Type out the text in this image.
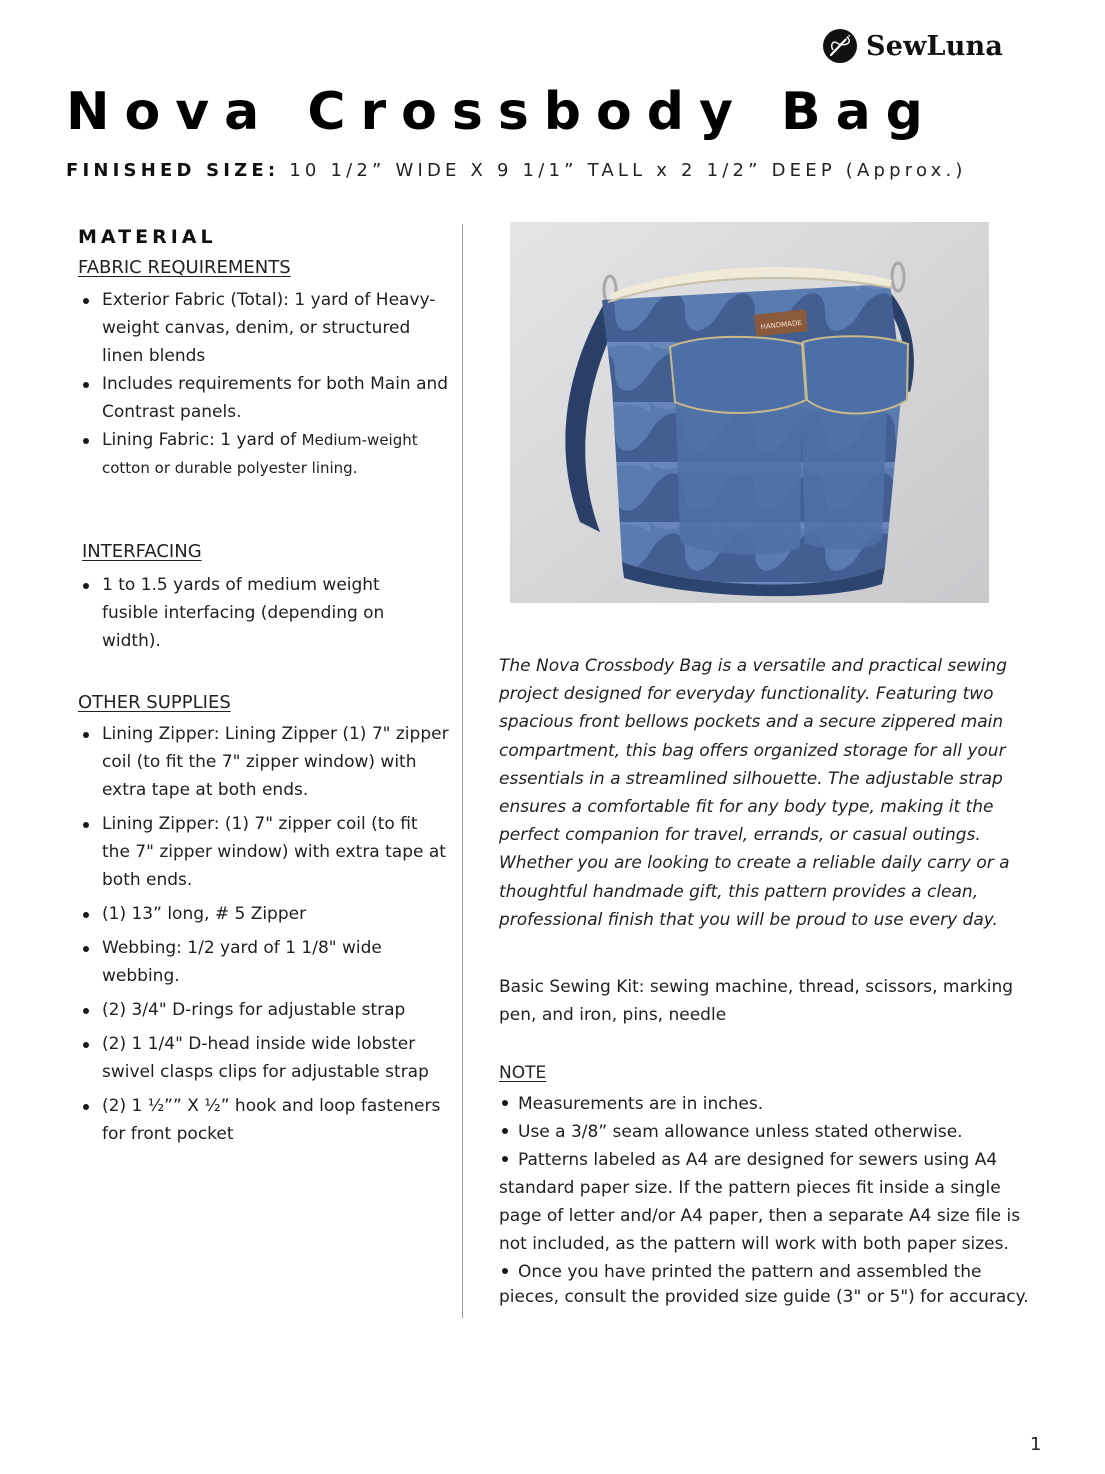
SewLuna
Nova Crossbody Bag
FINISHED SIZE: 10 1/2” WIDE X 9 1/1” TALL x 2 1/2” DEEP (Approx.)
MATERIAL
FABRIC REQUIREMENTS
Exterior Fabric (Total): 1 yard of Heavy-weight canvas, denim, or structured linen blends
Includes requirements for both Main and Contrast panels.
Lining Fabric: 1 yard of Medium-weight cotton or durable polyester lining.
INTERFACING
1 to 1.5 yards of medium weight fusible interfacing (depending on width).
OTHER SUPPLIES
Lining Zipper: Lining Zipper (1) 7" zipper coil (to fit the 7" zipper window) with extra tape at both ends.
Lining Zipper: (1) 7" zipper coil (to fit the 7" zipper window) with extra tape at both ends.
(1) 13” long, # 5 Zipper
Webbing: 1/2 yard of 1 1/8" wide webbing.
(2) 3/4" D-rings for adjustable strap
(2) 1 1/4" D-head inside wide lobster swivel clasps clips for adjustable strap
(2) 1 ½”” X ½” hook and loop fasteners for front pocket
HANDMADE

The Nova Crossbody Bag is a versatile and practical sewing project designed for everyday functionality. Featuring two spacious front bellows pockets and a secure zippered main compartment, this bag offers organized storage for all your essentials in a streamlined silhouette. The adjustable strap ensures a comfortable fit for any body type, making it the perfect companion for travel, errands, or casual outings. Whether you are looking to create a reliable daily carry or a thoughtful handmade gift, this pattern provides a clean, professional finish that you will be proud to use every day.

Basic Sewing Kit: sewing machine, thread, scissors, marking pen, and iron, pins, needle

NOTE

Measurements are in inches.

Use a 3/8” seam allowance unless stated otherwise.

Patterns labeled as A4 are designed for sewers using A4 standard paper size. If the pattern pieces fit inside a single page of letter and/or A4 paper, then a separate A4 size file is not included, as the pattern will work with both paper sizes.

Once you have printed the pattern and assembled the pieces, consult the provided size guide (3" or 5") for accuracy.

1
